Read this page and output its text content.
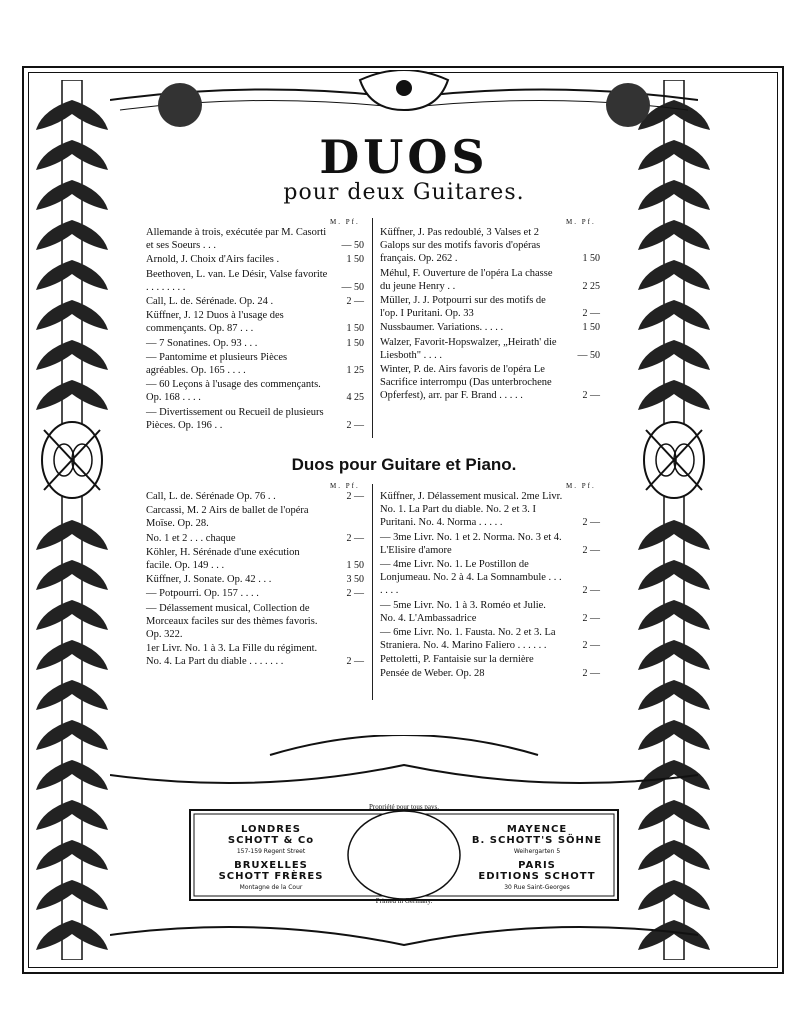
DUOS
pour deux Guitares.
M. Pf.	M. Pf.
M. Pf.	M. Pf.
Allemande à trois, exécutée par M. Casorti et ses Soeurs . . .	— 50
Arnold, J. Choix d'Airs faciles .	1 50
Beethoven, L. van. Le Désir, Valse favorite . . . . . . . .	— 50
Call, L. de. Sérénade. Op. 24 .	2 —
Küffner, J. 12 Duos à l'usage des commençants. Op. 87 . . .	1 50
— 7 Sonatines. Op. 93 . . .	1 50
— Pantomime et plusieurs Pièces agréables. Op. 165 . . . .	1 25
— 60 Leçons à l'usage des commençants. Op. 168 . . . .	4 25
— Divertissement ou Recueil de plusieurs Pièces. Op. 196 . .	2 —
Küffner, J. Pas redoublé, 3 Valses et 2 Galops sur des motifs favoris d'opéras français. Op. 262 .	1 50
Méhul, F. Ouverture de l'opéra La chasse du jeune Henry . .	2 25
Müller, J. J. Potpourri sur des motifs de l'op. I Puritani. Op. 33	2 —
Nussbaumer. Variations. . . . .	1 50
Walzer, Favorit-Hopswalzer, „Heirath' die Liesboth" . . . .	— 50
Winter, P. de. Airs favoris de l'opéra Le Sacrifice interrompu (Das unterbrochene Opferfest), arr. par F. Brand . . . . .	2 —
Duos pour Guitare et Piano.
Call, L. de. Sérénade Op. 76 . .	2 —
Carcassi, M. 2 Airs de ballet de l'opéra Moïse. Op. 28.
No. 1 et 2 . . . chaque	2 —
Köhler, H. Sérénade d'une exécution facile. Op. 149 . . .	1 50
Küffner, J. Sonate. Op. 42 . . .	3 50
— Potpourri. Op. 157 . . . .	2 —
— Délassement musical, Collection de Morceaux faciles sur des thèmes favoris. Op. 322.
1er Livr. No. 1 à 3. La Fille du régiment. No. 4. La Part du diable . . . . . . .	2 —
Küffner, J. Délassement musical. 2me Livr. No. 1. La Part du diable. No. 2 et 3. I Puritani. No. 4. Norma . . . . .	2 —
— 3me Livr. No. 1 et 2. Norma. No. 3 et 4. L'Elisire d'amore	2 —
— 4me Livr. No. 1. Le Postillon de Lonjumeau. No. 2 à 4. La Somnambule . . . . . . .	2 —
— 5me Livr. No. 1 à 3. Roméo et Julie. No. 4. L'Ambassadrice	2 —
— 6me Livr. No. 1. Fausta. No. 2 et 3. La Straniera. No. 4. Marino Faliero . . . . . .	2 —
Pettoletti, P. Fantaisie sur la dernière Pensée de Weber. Op. 28	2 —
Propriété pour tous pays.
LONDRES
SCHOTT & Co
157-159 Regent Street
MAYENCE
B. SCHOTT'S SÖHNE
Weihergarten 5
BRUXELLES
SCHOTT FRÈRES
Montagne de la Cour
PARIS
EDITIONS SCHOTT
30 Rue Saint-Georges
Printed in Germany.
